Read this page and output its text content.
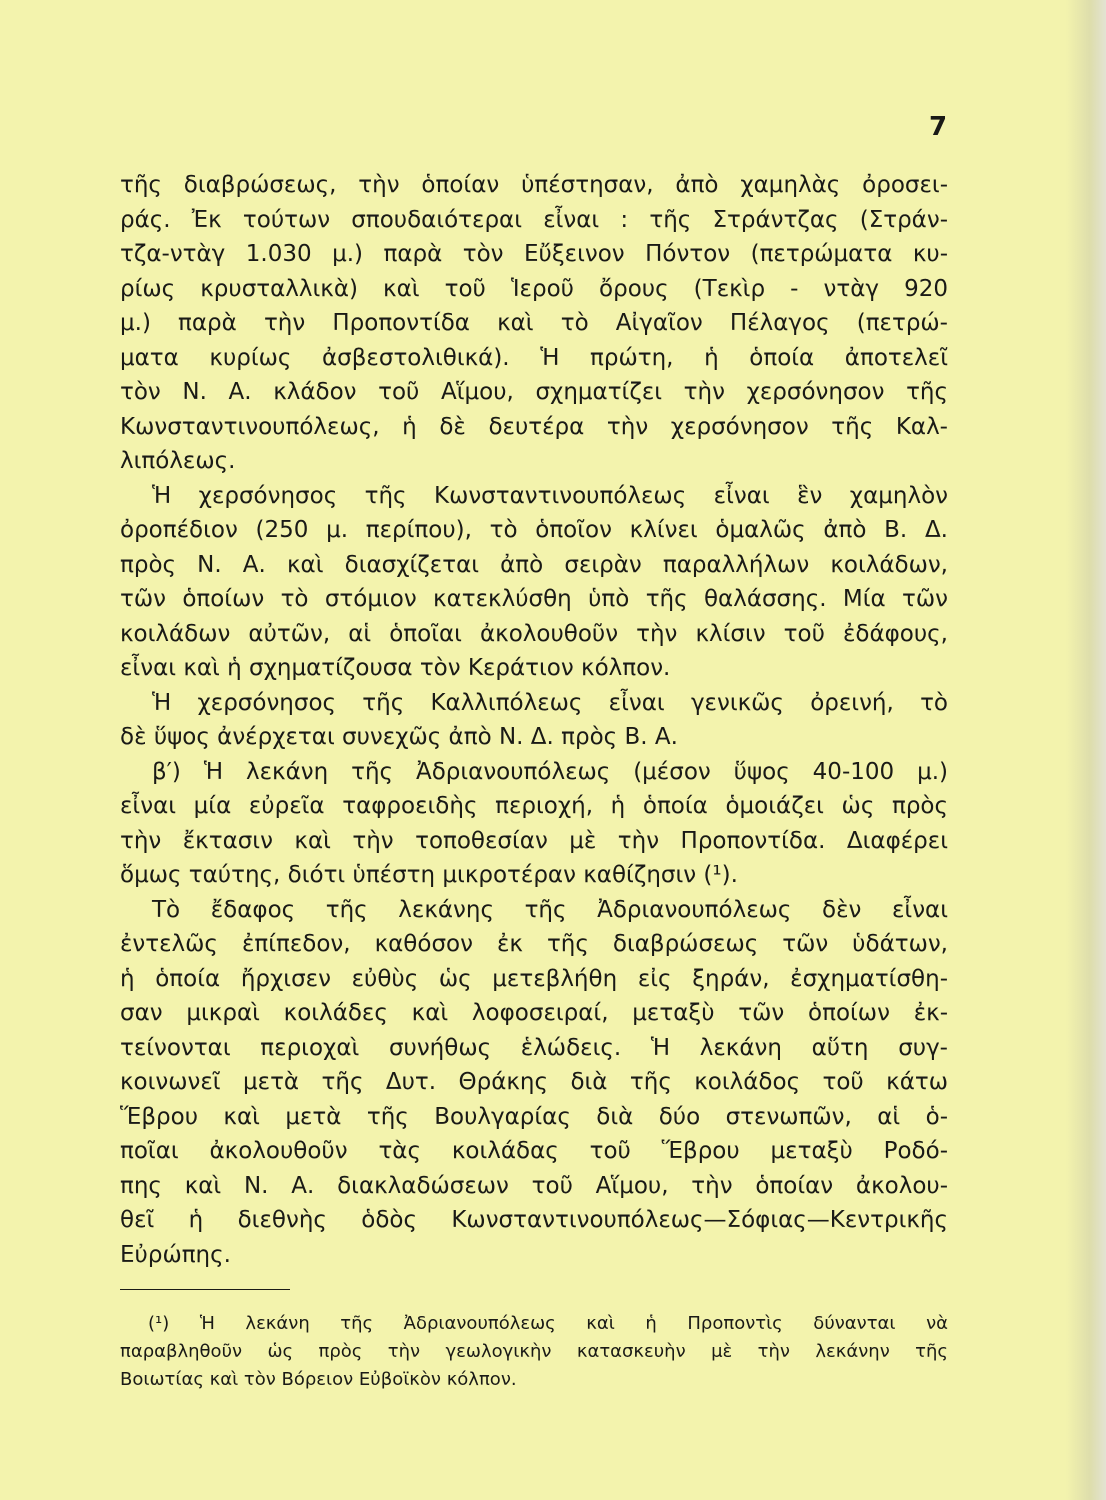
7
τῆς διαβρώσεως, τὴν ὁποίαν ὑπέστησαν, ἀπὸ χαμηλὰς ὀροσει-
ράς. Ἐκ τούτων σπουδαιότεραι εἶναι : τῆς Στράντζας (Στράν-
τζα-ντὰγ 1.030 μ.) παρὰ τὸν Εὔξεινον Πόντον (πετρώματα κυ-
ρίως κρυσταλλικὰ) καὶ τοῦ Ἱεροῦ ὄρους (Τεκὶρ - ντὰγ 920
μ.) παρὰ τὴν Προποντίδα καὶ τὸ Αἰγαῖον Πέλαγος (πετρώ-
ματα κυρίως ἀσβεστολιθικά). Ἡ πρώτη, ἡ ὁποία ἀποτελεῖ
τὸν Ν. Α. κλάδον τοῦ Αἵμου, σχηματίζει τὴν χερσόνησον τῆς
Κωνσταντινουπόλεως, ἡ δὲ δευτέρα τὴν χερσόνησον τῆς Καλ-
λιπόλεως.
Ἡ χερσόνησος τῆς Κωνσταντινουπόλεως εἶναι ἓν χαμηλὸν
ὀροπέδιον (250 μ. περίπου), τὸ ὁποῖον κλίνει ὁμαλῶς ἀπὸ Β. Δ.
πρὸς Ν. Α. καὶ διασχίζεται ἀπὸ σειρὰν παραλλήλων κοιλάδων,
τῶν ὁποίων τὸ στόμιον κατεκλύσθη ὑπὸ τῆς θαλάσσης. Μία τῶν
κοιλάδων αὐτῶν, αἱ ὁποῖαι ἀκολουθοῦν τὴν κλίσιν τοῦ ἐδάφους,
εἶναι καὶ ἡ σχηματίζουσα τὸν Κεράτιον κόλπον.
Ἡ χερσόνησος τῆς Καλλιπόλεως εἶναι γενικῶς ὀρεινή, τὸ
δὲ ὕψος ἀνέρχεται συνεχῶς ἀπὸ Ν. Δ. πρὸς Β. Α.
β′) Ἡ λεκάνη τῆς Ἀδριανουπόλεως (μέσον ὕψος 40-100 μ.)
εἶναι μία εὐρεῖα ταφροειδὴς περιοχή, ἡ ὁποία ὁμοιάζει ὡς πρὸς
τὴν ἔκτασιν καὶ τὴν τοποθεσίαν μὲ τὴν Προποντίδα. Διαφέρει
ὅμως ταύτης, διότι ὑπέστη μικροτέραν καθίζησιν (¹).
Τὸ ἔδαφος τῆς λεκάνης τῆς Ἀδριανουπόλεως δὲν εἶναι
ἐντελῶς ἐπίπεδον, καθόσον ἐκ τῆς διαβρώσεως τῶν ὑδάτων,
ἡ ὁποία ἤρχισεν εὐθὺς ὡς μετεβλήθη εἰς ξηράν, ἐσχηματίσθη-
σαν μικραὶ κοιλάδες καὶ λοφοσειραί, μεταξὺ τῶν ὁποίων ἐκ-
τείνονται περιοχαὶ συνήθως ἑλώδεις. Ἡ λεκάνη αὕτη συγ-
κοινωνεῖ μετὰ τῆς Δυτ. Θράκης διὰ τῆς κοιλάδος τοῦ κάτω
Ἕβρου καὶ μετὰ τῆς Βουλγαρίας διὰ δύο στενωπῶν, αἱ ὁ-
ποῖαι ἀκολουθοῦν τὰς κοιλάδας τοῦ Ἕβρου μεταξὺ Ροδό-
πης καὶ Ν. Α. διακλαδώσεων τοῦ Αἵμου, τὴν ὁποίαν ἀκολου-
θεῖ ἡ διεθνὴς ὁδὸς Κωνσταντινουπόλεως—Σόφιας—Κεντρικῆς
Εὐρώπης.
(¹) Ἡ λεκάνη τῆς Ἀδριανουπόλεως καὶ ἡ Προποντὶς δύνανται νὰ
παραβληθοῦν ὡς πρὸς τὴν γεωλογικὴν κατασκευὴν μὲ τὴν λεκάνην τῆς
Βοιωτίας καὶ τὸν Βόρειον Εὐβοϊκὸν κόλπον.
